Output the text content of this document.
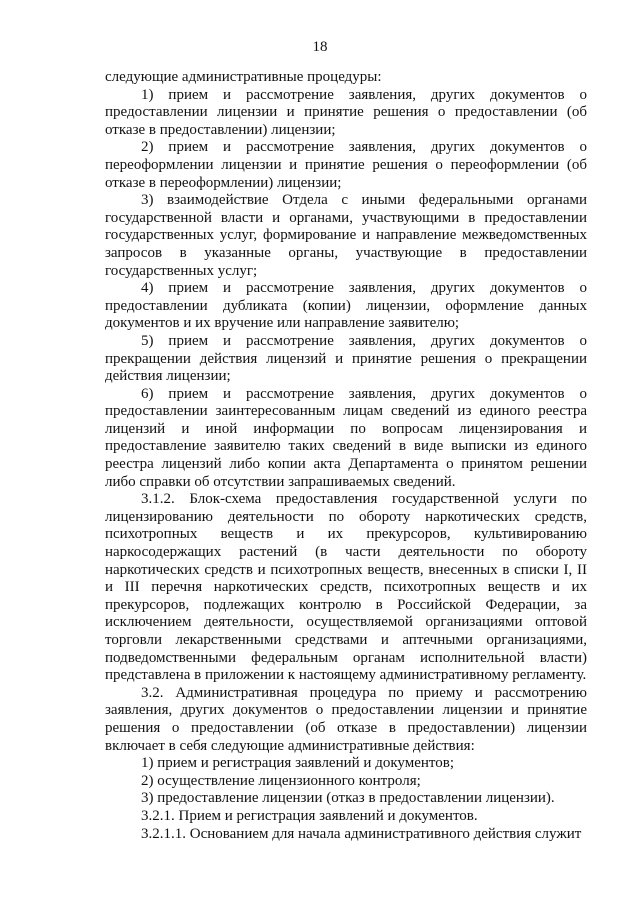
18

следующие административные процедуры:

1) прием и рассмотрение заявления, других документов о предоставлении лицензии и принятие решения о предоставлении (об отказе в предоставлении) лицензии;

2) прием и рассмотрение заявления, других документов о переоформлении лицензии и принятие решения о переоформлении (об отказе в переоформлении) лицензии;

3) взаимодействие Отдела с иными федеральными органами государственной власти и органами, участвующими в предоставлении государственных услуг, формирование и направление межведомственных запросов в указанные органы, участвующие в предоставлении государственных услуг;

4) прием и рассмотрение заявления, других документов о предоставлении дубликата (копии) лицензии, оформление данных документов и их вручение или направление заявителю;

5) прием и рассмотрение заявления, других документов о прекращении действия лицензий и принятие решения о прекращении действия лицензии;

6) прием и рассмотрение заявления, других документов о предоставлении заинтересованным лицам сведений из единого реестра лицензий и иной информации по вопросам лицензирования и предоставление заявителю таких сведений в виде выписки из единого реестра лицензий либо копии акта Департамента о принятом решении либо справки об отсутствии запрашиваемых сведений.

3.1.2. Блок-схема предоставления государственной услуги по лицензированию деятельности по обороту наркотических средств, психотропных веществ и их прекурсоров, культивированию наркосодержащих растений (в части деятельности по обороту наркотических средств и психотропных веществ, внесенных в списки I, II и III перечня наркотических средств, психотропных веществ и их прекурсоров, подлежащих контролю в Российской Федерации, за исключением деятельности, осуществляемой организациями оптовой торговли лекарственными средствами и аптечными организациями, подведомственными федеральным органам исполнительной власти) представлена в приложении к настоящему административному регламенту.

3.2. Административная процедура по приему и рассмотрению заявления, других документов о предоставлении лицензии и принятие решения о предоставлении (об отказе в предоставлении) лицензии включает в себя следующие административные действия:

1) прием и регистрация заявлений и документов;

2) осуществление лицензионного контроля;

3) предоставление лицензии (отказ в предоставлении лицензии).

3.2.1. Прием и регистрация заявлений и документов.

3.2.1.1. Основанием для начала административного действия служит
